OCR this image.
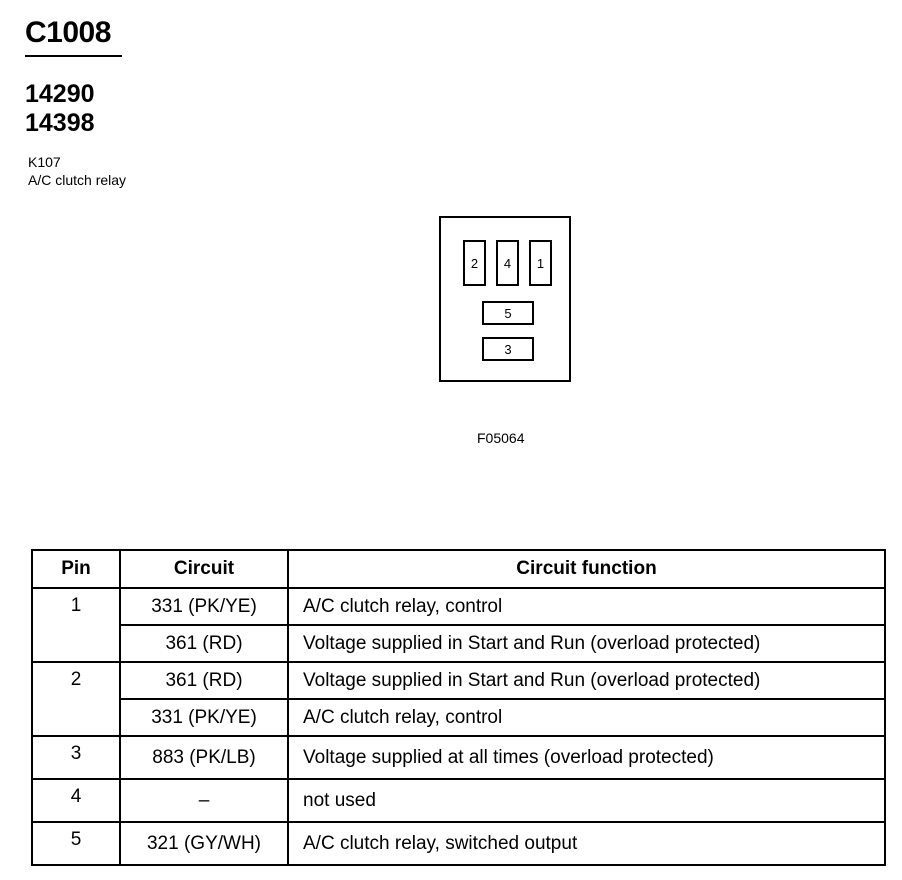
C1008
14290
14398
K107
A/C clutch relay
2	4	1
5
3
F05064
Pin	Circuit	Circuit function
1	331 (PK/YE)	A/C clutch relay, control
	361 (RD)	Voltage supplied in Start and Run (overload protected)
2	361 (RD)	Voltage supplied in Start and Run (overload protected)
	331 (PK/YE)	A/C clutch relay, control
3	883 (PK/LB)	Voltage supplied at all times (overload protected)
4	–	not used
5	321 (GY/WH)	A/C clutch relay, switched output
